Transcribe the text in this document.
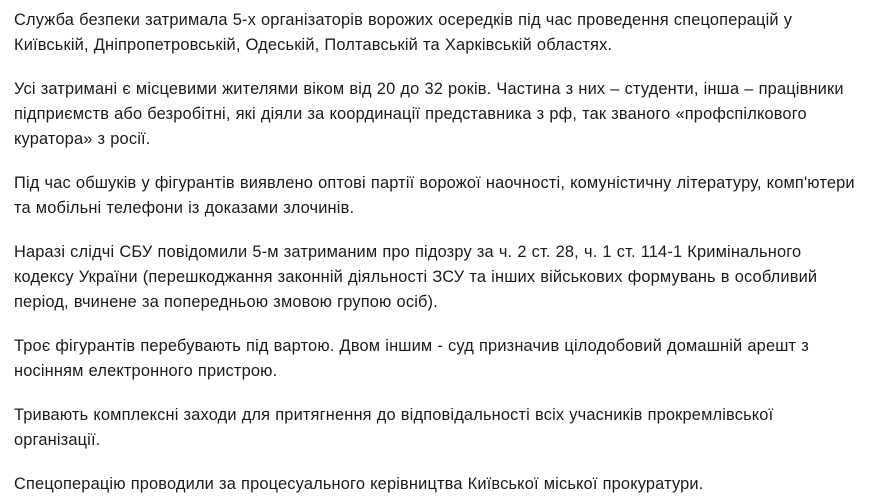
Служба безпеки затримала 5-х організаторів ворожих осередків під час проведення спецоперацій у Київській, Дніпропетровській, Одеській, Полтавській та Харківській областях.

Усі затримані є місцевими жителями віком від 20 до 32 років. Частина з них – студенти, інша – працівники підприємств або безробітні, які діяли за координації представника з рф, так званого «профспілкового куратора» з росії.

Під час обшуків у фігурантів виявлено оптові партії ворожої наочності, комуністичну літературу, комп'ютери та мобільні телефони із доказами злочинів.

Наразі слідчі СБУ повідомили 5-м затриманим про підозру за ч. 2 ст. 28, ч. 1 ст. 114-1 Кримінального кодексу України (перешкоджання законній діяльності ЗСУ та інших військових формувань в особливий період, вчинене за попередньою змовою групою осіб).

Троє фігурантів перебувають під вартою. Двом іншим - суд призначив цілодобовий домашній арешт з носінням електронного пристрою.

Тривають комплексні заходи для притягнення до відповідальності всіх учасників прокремлівської організації.

Спецоперацію проводили за процесуального керівництва Київської міської прокуратури.
